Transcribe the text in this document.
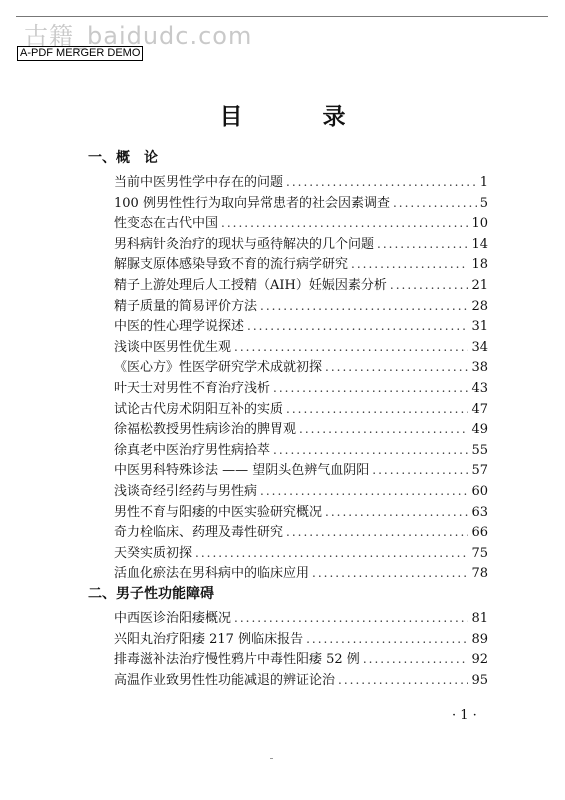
古籍_baidudc.com
A-PDF MERGER DEMO
目 录
一、概　论
当前中医男性学中存在的问题 .....	1
100 例男性性行为取向异常患者的社会因素调查 .....	5
性变态在古代中国 .....	10
男科病针灸治疗的现状与亟待解决的几个问题 .....	14
解脲支原体感染导致不育的流行病学研究 .....	18
精子上游处理后人工授精（AIH）妊娠因素分析 .....	21
精子质量的简易评价方法 .....	28
中医的性心理学说探述 .....	31
浅谈中医男性优生观 .....	34
《医心方》性医学研究学术成就初探 .....	38
叶天士对男性不育治疗浅析 .....	43
试论古代房术阴阳互补的实质 .....	47
徐福松教授男性病诊治的脾胃观 .....	49
徐真老中医治疗男性病拾萃 .....	55
中医男科特殊诊法 —— 望阴头色辨气血阴阳 .....	57
浅谈奇经引经药与男性病 .....	60
男性不育与阳痿的中医实验研究概况 .....	63
奇力栓临床、药理及毒性研究 .....	66
天癸实质初探 .....	75
活血化瘀法在男科病中的临床应用 .....	78
二、男子性功能障碍
中西医诊治阳痿概况 .....	81
兴阳丸治疗阳痿 217 例临床报告 .....	89
排毒滋补法治疗慢性鸦片中毒性阳痿 52 例 .....	92
高温作业致男性性功能减退的辨证论治 .....	95
· 1 ·
